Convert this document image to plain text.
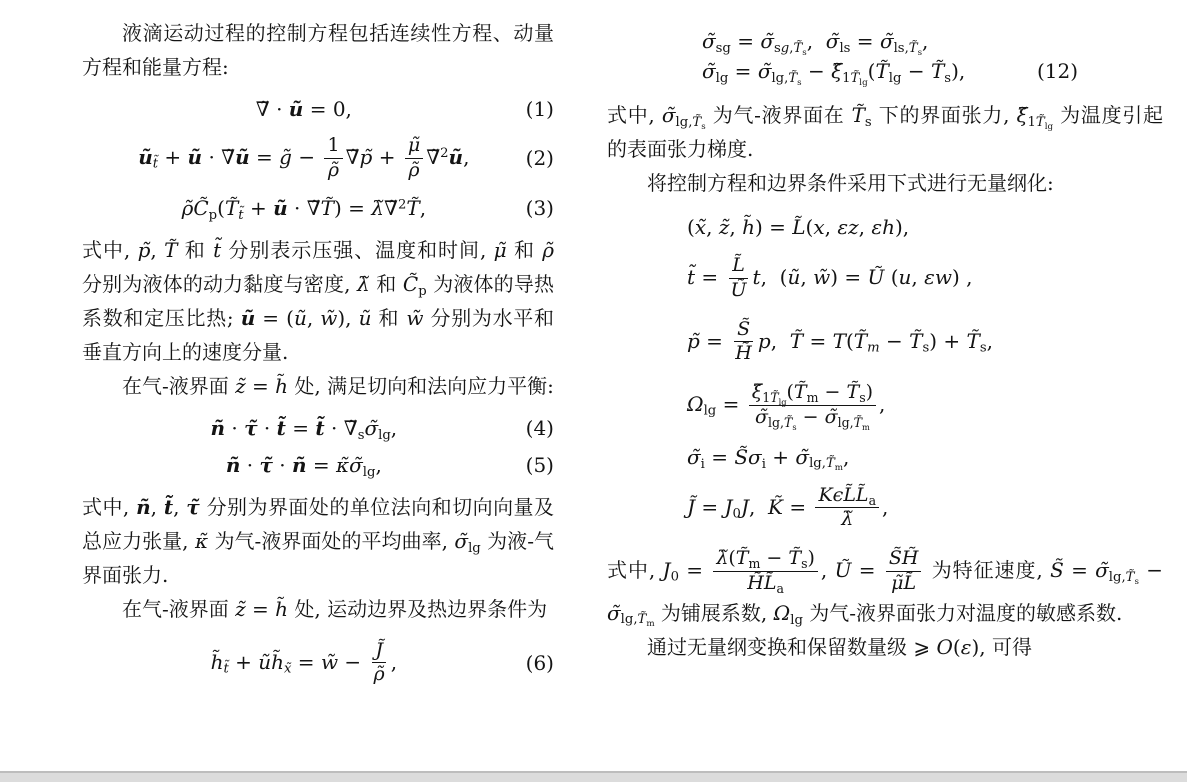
液滴运动过程的控制方程包括连续性方程、动量方程和能量方程:
∇̃ · ũ = 0,	(1)
$ũ_{t̃}$ + ũ · ∇̃ũ = g̃ − $\frac{1}{\rhõ}$ ∇̃p̃ + $\frac{\mũ}{\rhõ}$ ∇̃$^2$ũ,	(2)
$\rhõC̃_p(T̃_{t̃}$ + ũ · ∇̃T̃) = λ̃∇̃$^2$T̃,	(3)
式中, p̃, T̃ 和 t̃ 分别表示压强、温度和时间, μ̃ 和 ρ̃ 分别为液体的动力黏度与密度, λ̃ 和 $C̃_p$ 为液体的导热系数和定压比热; ũ = (ũ, w̃), ũ 和 w̃ 分别为水平和垂直方向上的速度分量.
在气-液界面 z̃ = h̃ 处, 满足切向和法向应力平衡:
ñ · τ̃ · t̃ = t̃ · $\nablã_s\sigmã_{lg}$,	(4)
ñ · τ̃ · ñ = $\kappã\sigmã_{lg}$,	(5)
式中, ñ, t̃, τ̃ 分别为界面处的单位法向和切向向量及总应力张量, κ̃ 为气-液界面处的平均曲率, $\sigmã_{lg}$ 为液-气界面张力.
在气-液界面 z̃ = h̃ 处, 运动边界及热边界条件为
$h̃_{t̃}$ + $ũh̃_{x̃}$ = w̃ − $\frac{J̃}{\rhõ}$ ,	(6)
$\sigmã_{sg}$ = $\sigmã_{sg,T̃_s}$,  $\sigmã_{ls}$ = $\sigmã_{ls,T̃_s}$,
$\sigmã_{lg}$ = $\sigmã_{lg,T̃_s}$ − $\xĩ_{1T̃_{lg}}(T̃_{lg}$ − $T̃_s$),	(12)
式中, $\sigmã_{lg,T̃_s}$ 为气-液界面在 $T̃_s$ 下的界面张力, $\xĩ_{1T̃_{lg}}$ 为温度引起的表面张力梯度.
将控制方程和边界条件采用下式进行无量纲化:
(x̃, z̃, h̃) = L̃(x, εz, εh),
t̃ = $\frac{L̃}{Ũ} t$,  (ũ, w̃) = Ũ (u, εw) ,
p̃ = $\frac{S̃}{H̃} p$,  T̃ = $T(T̃_m$ − $T̃_s$) + $T̃_s$,
$\Omega_{lg} = \frac{\xĩ_{1T̃_{lg}}(T̃_m - T̃_s)}{\sigmã_{lg,T̃_s} - \sigmã_{lg,T̃_m}}$ ,
$\sigmã_i$ = $S̃\sigma_i$ + $\sigmã_{lg,T̃_m}$,
J̃ = $J_0J$,  K̃ = $K\epsilon L̃L̃_a$
λ̃
,
式中, $J_0 = \frac{\lambdã(T̃_m - T̃_s)}{H̃L̃_a}$ , Ũ = $\frac{S̃H̃}{\mũL̃}$ 为特征速度, S̃ = $\sigmã_{lg,T̃_s}$ − $\sigmã_{lg,T̃_m}$ 为铺展系数, $\Omega_{lg}$ 为气-液界面张力对温度的敏感系数.
通过无量纲变换和保留数量级 ⩾ O(ε), 可得
